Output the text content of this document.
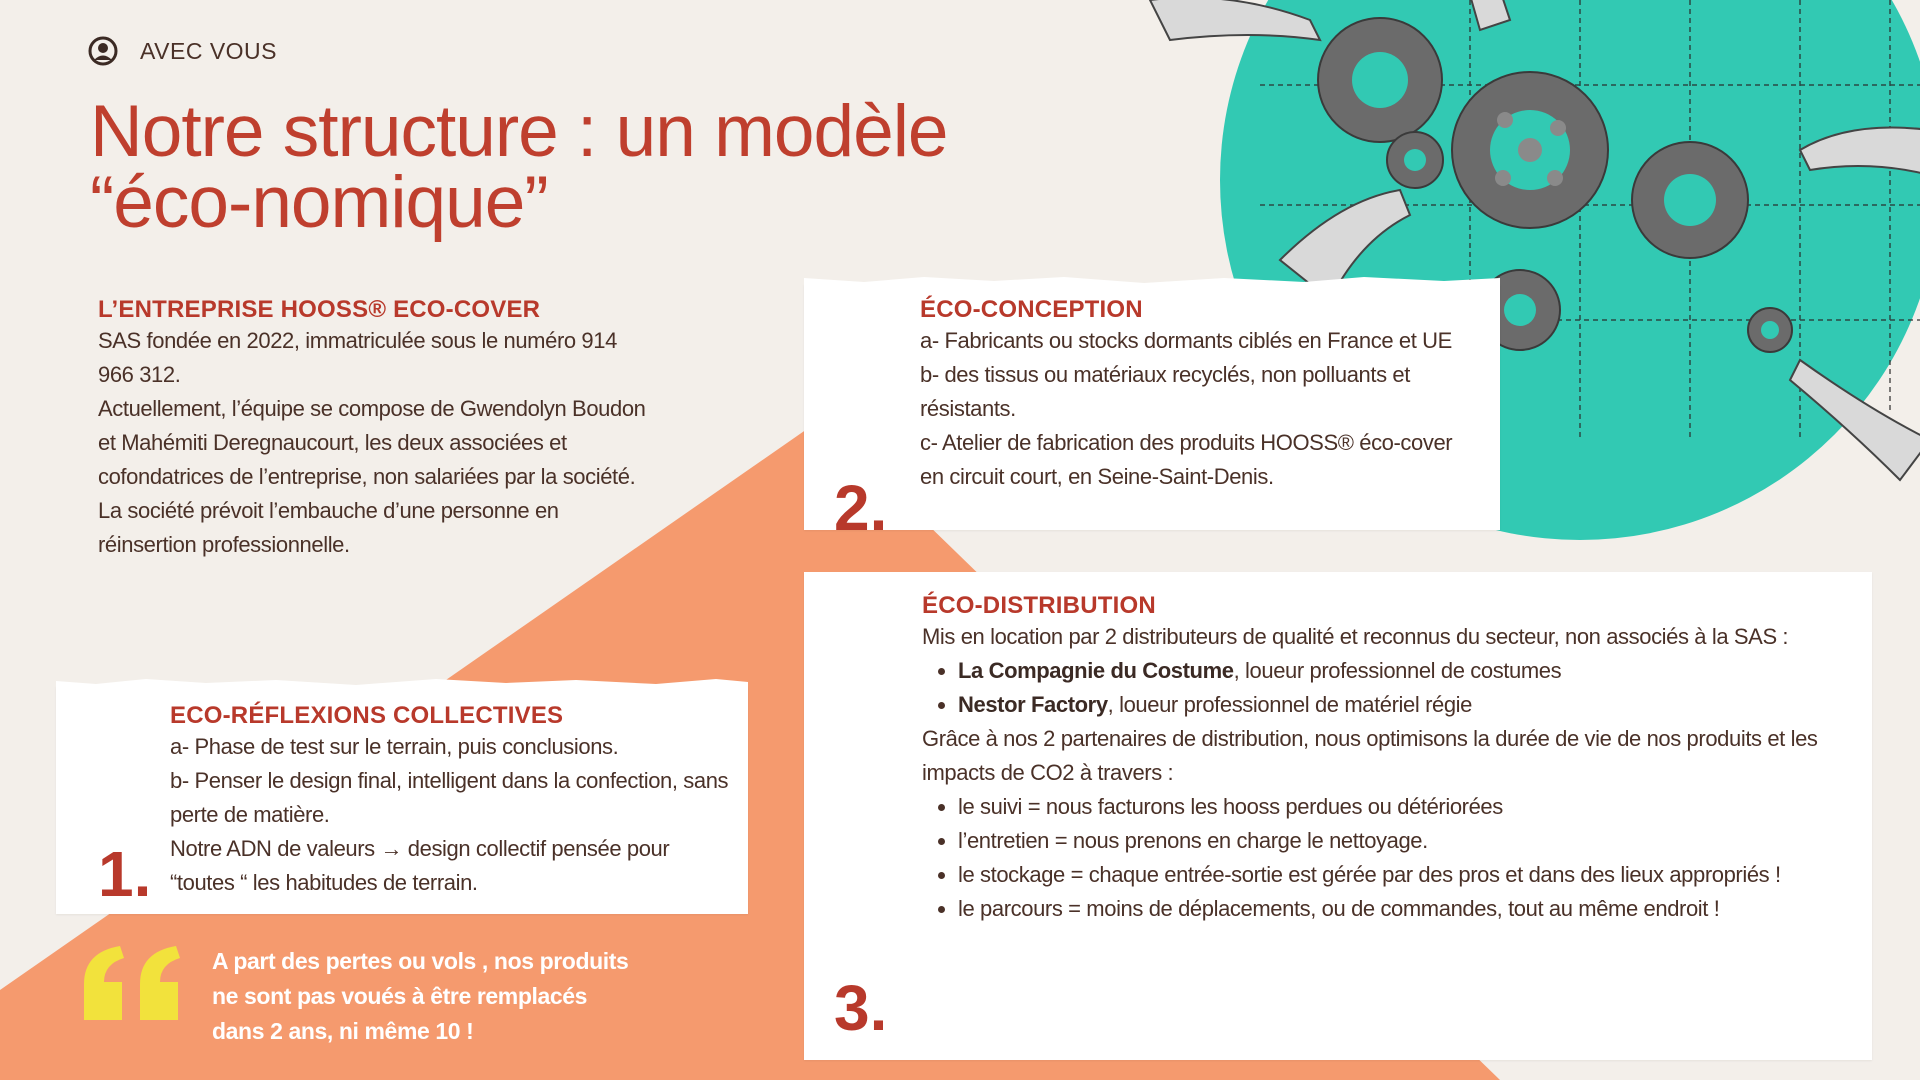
AVEC VOUS
Notre structure : un modèle
“éco-nomique”

L’ENTREPRISE HOOSS® ECO-COVER

SAS fondée en 2022, immatriculée sous le numéro 914 966 312.

Actuellement, l’équipe se compose de Gwendolyn Boudon et Mahémiti Deregnaucourt, les deux associées et cofondatrices de l’entreprise, non salariées par la société.

La société prévoit l’embauche d’une personne en réinsertion professionnelle.

ECO-RÉFLEXIONS COLLECTIVES

a- Phase de test sur le terrain, puis conclusions.

b- Penser le design final, intelligent dans la confection, sans perte de matière.

Notre ADN de valeurs → design collectif pensée pour “toutes “ les habitudes de terrain.

1.

ÉCO-CONCEPTION

a- Fabricants ou stocks dormants ciblés en France et UE

b- des tissus ou matériaux recyclés, non polluants et résistants.

c- Atelier de fabrication des produits HOOSS® éco-cover en circuit court, en Seine-Saint-Denis.

2.

ÉCO-DISTRIBUTION

Mis en location par 2 distributeurs de qualité et reconnus du secteur, non associés à la SAS :

• La Compagnie du Costume, loueur professionnel de costumes
• Nestor Factory, loueur professionnel de matériel régie

Grâce à nos 2 partenaires de distribution, nous optimisons la durée de vie de nos produits et les impacts de CO2 à travers :

• le suivi = nous facturons les hooss perdues ou détériorées
• l’entretien = nous prenons en charge le nettoyage.
• le stockage = chaque entrée-sortie est gérée par des pros et dans des lieux appropriés !
• le parcours = moins de déplacements, ou de commandes, tout au même endroit !
3.
A part des pertes ou vols , nos produits ne sont pas voués à être remplacés dans 2 ans, ni même 10 !
